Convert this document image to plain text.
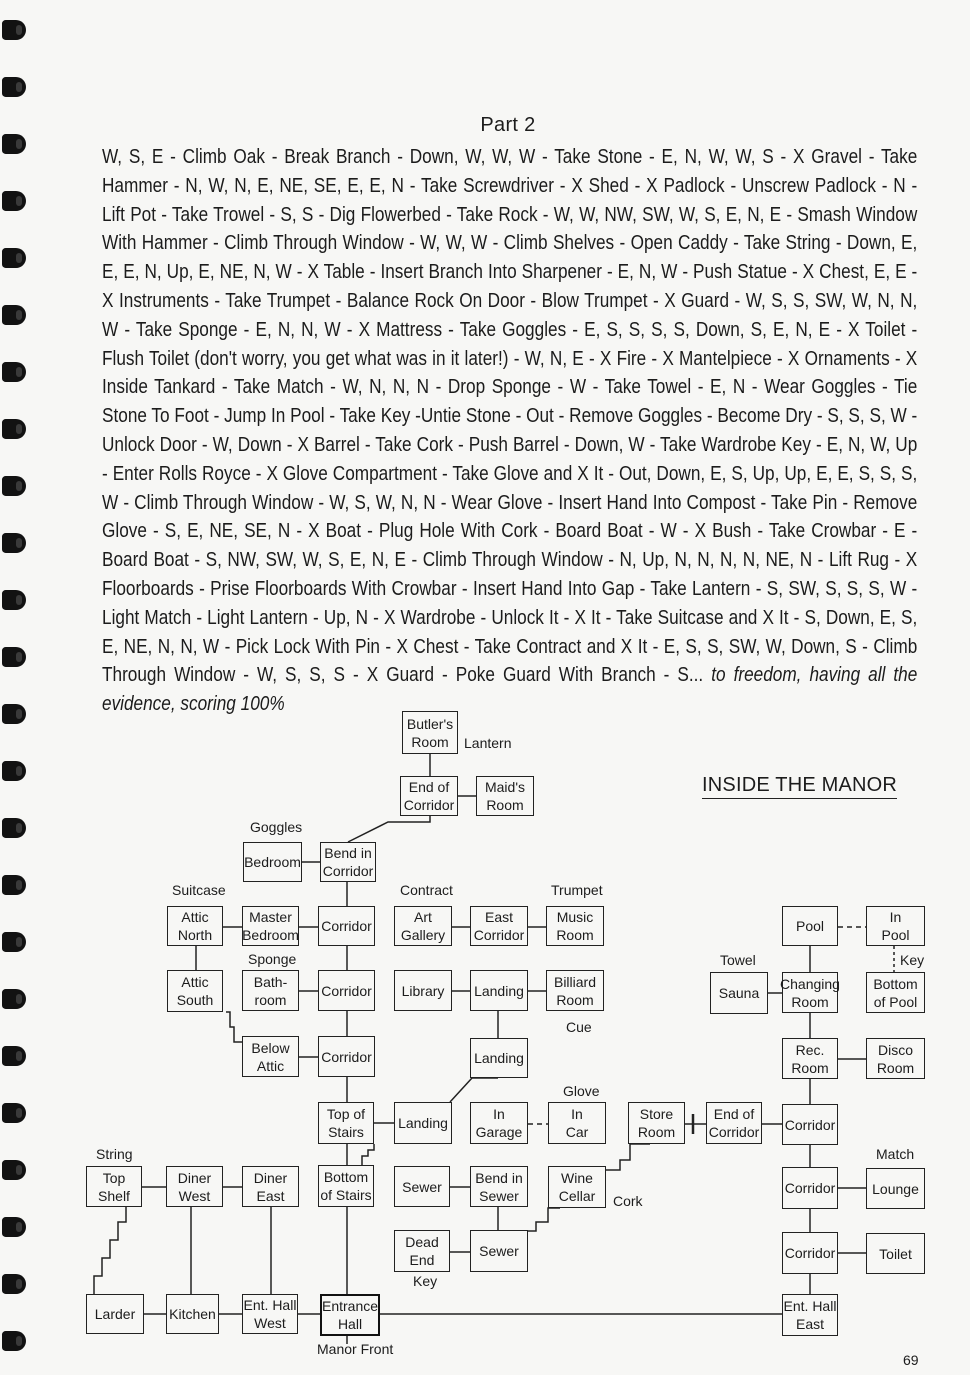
Part 2
W, S, E - Climb Oak - Break Branch - Down, W, W, W - Take Stone - E, N, W, W, S - X Gravel - Take Hammer - N, W, N, E, NE, SE, E, E, N - Take Screwdriver - X Shed - X Padlock - Unscrew Padlock - N - Lift Pot - Take Trowel - S, S - Dig Flowerbed - Take Rock - W, W, NW, SW, W, S, E, N, E - Smash Window With Hammer - Climb Through Window - W, W, W - Climb Shelves - Open Caddy - Take String - Down, E, E, E, N, Up, E, NE, N, W - X Table - Insert Branch Into Sharpener - E, N, W - Push Statue - X Chest, E, E - X Instruments - Take Trumpet - Balance Rock On Door - Blow Trumpet - X Guard - W, S, S, SW, W, N, N, W - Take Sponge - E, N, N, W - X Mattress - Take Goggles - E, S, S, S, S, Down, S, E, N, E - X Toilet - Flush Toilet (don't worry, you get what was in it later!) - W, N, E - X Fire - X Mantelpiece - X Ornaments - X Inside Tankard - Take Match - W, N, N, N - Drop Sponge - W - Take Towel - E, N - Wear Goggles - Tie Stone To Foot - Jump In Pool - Take Key -Untie Stone - Out - Remove Goggles - Become Dry - S, S, S, W - Unlock Door - W, Down - X Barrel - Take Cork - Push Barrel - Down, W - Take Wardrobe Key - E, N, W, Up - Enter Rolls Royce - X Glove Compartment - Take Glove and X It - Out, Down, E, S, Up, Up, E, E, S, S, S, W - Climb Through Window - W, S, W, N, N - Wear Glove - Insert Hand Into Compost - Take Pin - Remove Glove - S, E, NE, SE, N - X Boat - Plug Hole With Cork - Board Boat - W - X Bush - Take Crowbar - E - Board Boat - S, NW, SW, W, S, E, N, E - Climb Through Window - N, Up, N, N, N, N, NE, N - Lift Rug - X Floorboards - Prise Floorboards With Crowbar - Insert Hand Into Gap - Take Lantern - S, SW, S, S, S, W - Light Match - Light Lantern - Up, N - X Wardrobe - Unlock It - X It - Take Suitcase and X It - S, Down, E, S, E, NE, N, N, W - Pick Lock With Pin - X Chest - Take Contract and X It - E, S, S, SW, W, Down, S - Climb Through Window - W, S, S, S - X Guard - Poke Guard With Branch - S... to freedom, having all the evidence, scoring 100%
INSIDE THE MANOR
Butler's
Room
End of
Corridor
Maid's
Room
Bedroom
Bend in
Corridor
Attic
North
Master
Bedroom
Corridor
Art
Gallery
East
Corridor
Music
Room
Attic
South
Bath-
room
Corridor	Library	Landing
Billiard
Room
Below
Attic
Corridor	Landing
Top of
Stairs
Landing
In
Garage
In
Car
Store
Room
End of
Corridor Corridor
Top
Shelf
Diner
West
Diner
East
Bottom
of Stairs
Sewer
Bend in
Sewer
Wine
Cellar	Corridor	Lounge
Dead
End
Sewer	Corridor	Toilet
Larder	Kitchen
Ent. Hall
West
Entrance
Hall
Ent. Hall
East
Pool
In
Pool
Sauna
Changing
Room
Bottom
of Pool
Rec.
Room
Disco
Room
Lantern
Goggles
Suitcase	Contract	Trumpet
Sponge
Cue
Glove
String
Cork
Key
Key
Towel
Match
Manor Front
69
